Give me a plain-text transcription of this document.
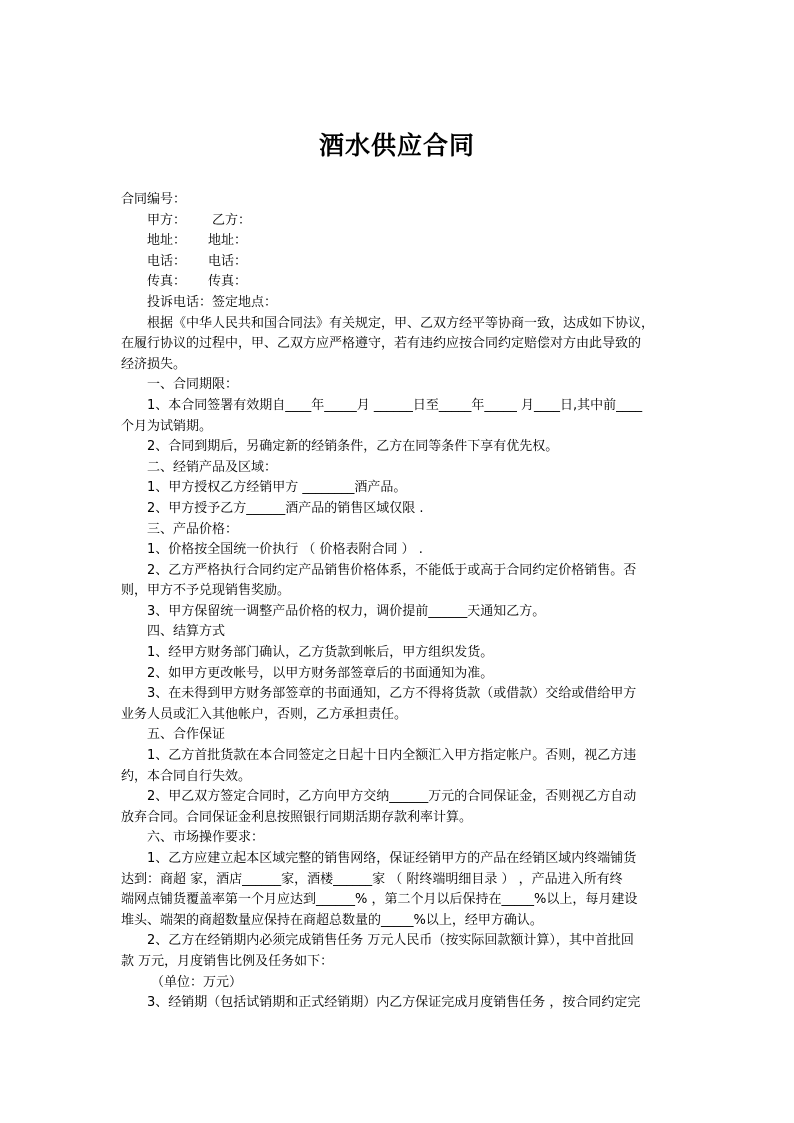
酒水供应合同
合同编号：
甲方： 乙方：
地址： 地址：
电话： 电话：
传真： 传真：
投诉电话：签定地点：
根据《中华人民共和国合同法》有关规定，甲、乙双方经平等协商一致，达成如下协议，
在履行协议的过程中，甲、乙双方应严格遵守，若有违约应按合同约定赔偿对方由此导致的
经济损失。
一、合同期限：
1、本合同签署有效期自____年_____月 ______日至_____年_____ 月____日,其中前____
个月为试销期。
2、合同到期后，另确定新的经销条件，乙方在同等条件下享有优先权。
二、经销产品及区域：
1、甲方授权乙方经销甲方 ________酒产品。
2、甲方授予乙方______酒产品的销售区域仅限 .
三、产品价格：
1、价格按全国统一价执行 （ 价格表附合同 ） .
2、乙方严格执行合同约定产品销售价格体系，不能低于或高于合同约定价格销售。否
则，甲方不予兑现销售奖励。
3、甲方保留统一调整产品价格的权力，调价提前______天通知乙方。
四、结算方式
1、经甲方财务部门确认，乙方货款到帐后，甲方组织发货。
2、如甲方更改帐号，以甲方财务部签章后的书面通知为准。
3、在未得到甲方财务部签章的书面通知，乙方不得将货款（或借款）交给或借给甲方
业务人员或汇入其他帐户，否则，乙方承担责任。
五、合作保证
1、乙方首批货款在本合同签定之日起十日内全额汇入甲方指定帐户。否则，视乙方违
约，本合同自行失效。
2、甲乙双方签定合同时，乙方向甲方交纳______万元的合同保证金，否则视乙方自动
放弃合同。合同保证金利息按照银行同期活期存款利率计算。
六、市场操作要求：
1、乙方应建立起本区域完整的销售网络，保证经销甲方的产品在经销区域内终端铺货
达到：商超 家，酒店______家，酒楼______家 （ 附终端明细目录 ） ，产品进入所有终
端网点铺货覆盖率第一个月应达到______% ，第二个月以后保持在_____%以上，每月建设
堆头、端架的商超数量应保持在商超总数量的_____%以上，经甲方确认。
2、乙方在经销期内必须完成销售任务 万元人民币（按实际回款额计算），其中首批回
款 万元，月度销售比例及任务如下：
（单位：万元）
3、经销期（包括试销期和正式经销期）内乙方保证完成月度销售任务 ，按合同约定完
